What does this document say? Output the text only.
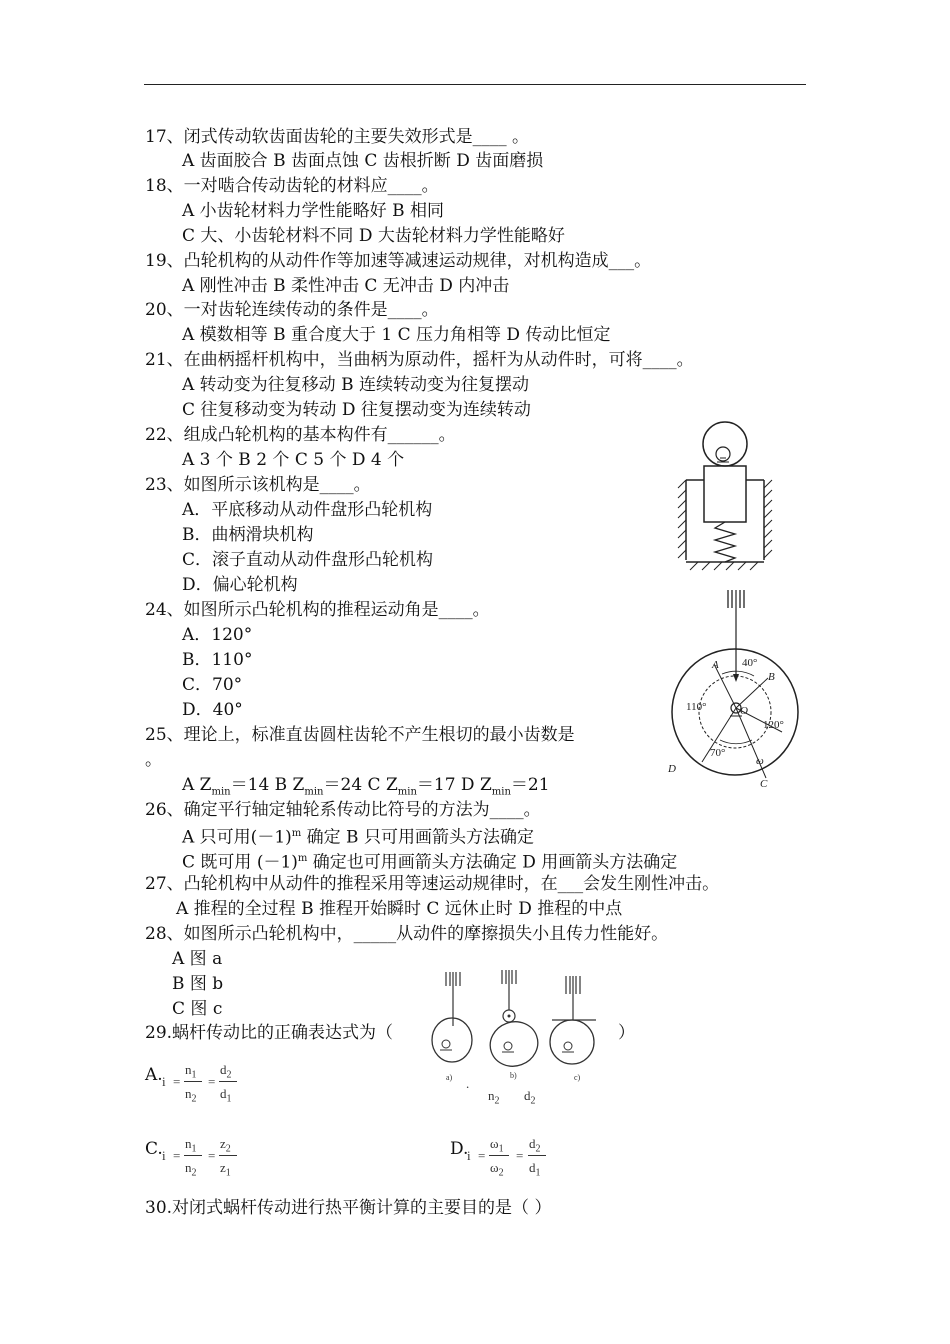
17、闭式传动软齿面齿轮的主要失效形式是____ 。
A 齿面胶合 B 齿面点蚀 C 齿根折断 D 齿面磨损
18、一对啮合传动齿轮的材料应____。
A 小齿轮材料力学性能略好 B 相同
C 大、小齿轮材料不同 D 大齿轮材料力学性能略好
19、凸轮机构的从动件作等加速等减速运动规律，对机构造成___。
A 刚性冲击 B 柔性冲击 C 无冲击 D 内冲击
20、一对齿轮连续传动的条件是____。
A 模数相等 B 重合度大于 1 C 压力角相等 D 传动比恒定
21、在曲柄摇杆机构中，当曲柄为原动件，摇杆为从动件时，可将____。
A 转动变为往复移动 B 连续转动变为往复摆动
C 往复移动变为转动 D 往复摆动变为连续转动
22、组成凸轮机构的基本构件有______。
A 3 个 B 2 个 C 5 个 D 4 个
23、如图所示该机构是____。
A．平底移动从动件盘形凸轮机构
B．曲柄滑块机构
C．滚子直动从动件盘形凸轮机构
D．偏心轮机构
24、如图所示凸轮机构的推程运动角是____。
A．120°
B．110°
C．70°
D．40°
25、理论上，标准直齿圆柱齿轮不产生根切的最小齿数是
。
A $Z_{min}=14$ B $Z_{min}=24$ C $Z_{min}=17$ D $Z_{min}=21$
26、确定平行轴定轴轮系传动比符号的方法为____。
A 只可用$(-1)^m$ 确定 B 只可用画箭头方法确定
C 既可用 $(-1)^m$ 确定也可用画箭头方法确定 D 用画箭头方法确定
27、凸轮机构中从动件的推程采用等速运动规律时，在___会发生刚性冲击。
A 推程的全过程 B 推程开始瞬时 C 远休止时 D 推程的中点
28、如图所示凸轮机构中，_____从动件的摩擦损失小且传力性能好。
A 图 a
B 图 b
C 图 c
29.蜗杆传动比的正确表达式为（	）
A. i =
$n_1$
$n_2$
=
$d_2$
$d_1$
.
$n_2$ $d_2$
C. i =
$n_1$
$n_2$
=
$z_2$
$z_1$
D.
i =
$\omega_1$
$\omega_2$
=
$d_2$
$d_1$
30.对闭式蜗杆传动进行热平衡计算的主要目的是（ ）
40°
110°
120°
70°
A
B
C
D
O
ω
a)	b)	c)
